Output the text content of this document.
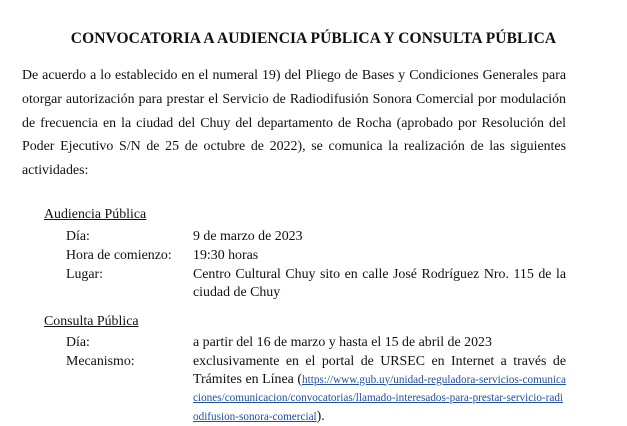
CONVOCATORIA A AUDIENCIA PÚBLICA Y CONSULTA PÚBLICA

De acuerdo a lo establecido en el numeral 19) del Pliego de Bases y Condiciones Generales para otorgar autorización para prestar el Servicio de Radiodifusión Sonora Comercial por modulación de frecuencia en la ciudad del Chuy del departamento de Rocha (aprobado por Resolución del Poder Ejecutivo S/N de 25 de octubre de 2022), se comunica la realización de las siguientes actividades:

Audiencia Pública

Día:	9 de marzo de 2023
Hora de comienzo: 19:30 horas
Lugar:	Centro Cultural Chuy sito en calle José Rodríguez Nro. 115 de la ciudad de Chuy

Consulta Pública

Día:	a partir del 16 de marzo y hasta el 15 de abril de 2023
Mecanismo:	exclusivamente en el portal de URSEC en Internet a través de Trámites en Línea (https://www.gub.uy/unidad-reguladora-servicios-comunicaciones/comunicacion/convocatorias/llamado-interesados-para-prestar-servicio-radiodifusion-sonora-comercial).
